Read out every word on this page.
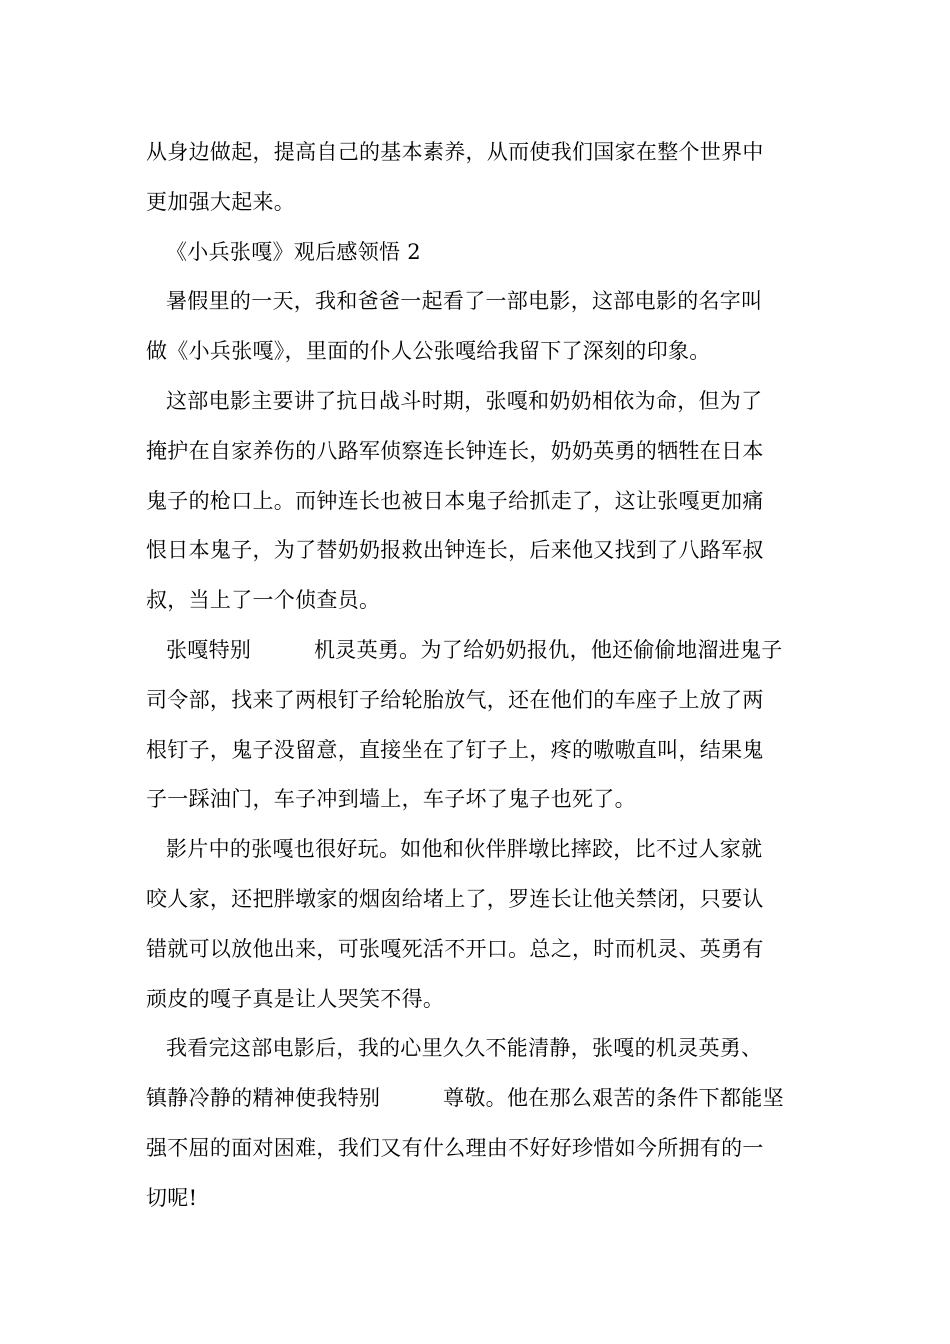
从身边做起，提高自己的基本素养，从而使我们国家在整个世界中
更加强大起来。
《小兵张嘎》观后感领悟 2
暑假里的一天，我和爸爸一起看了一部电影，这部电影的名字叫
做《小兵张嘎》，里面的仆人公张嘎给我留下了深刻的印象。
这部电影主要讲了抗日战斗时期，张嘎和奶奶相依为命，但为了
掩护在自家养伤的八路军侦察连长钟连长，奶奶英勇的牺牲在日本
鬼子的枪口上。而钟连长也被日本鬼子给抓走了，这让张嘎更加痛
恨日本鬼子，为了替奶奶报救出钟连长，后来他又找到了八路军叔
叔，当上了一个侦查员。
张嘎特别         机灵英勇。为了给奶奶报仇，他还偷偷地溜进鬼子
司令部，找来了两根钉子给轮胎放气，还在他们的车座子上放了两
根钉子，鬼子没留意，直接坐在了钉子上，疼的嗷嗷直叫，结果鬼
子一踩油门，车子冲到墙上，车子坏了鬼子也死了。
影片中的张嘎也很好玩。如他和伙伴胖墩比摔跤，比不过人家就
咬人家，还把胖墩家的烟囱给堵上了，罗连长让他关禁闭，只要认
错就可以放他出来，可张嘎死活不开口。总之，时而机灵、英勇有
顽皮的嘎子真是让人哭笑不得。
我看完这部电影后，我的心里久久不能清静，张嘎的机灵英勇、
镇静冷静的精神使我特别         尊敬。他在那么艰苦的条件下都能坚
强不屈的面对困难，我们又有什么理由不好好珍惜如今所拥有的一
切呢!
